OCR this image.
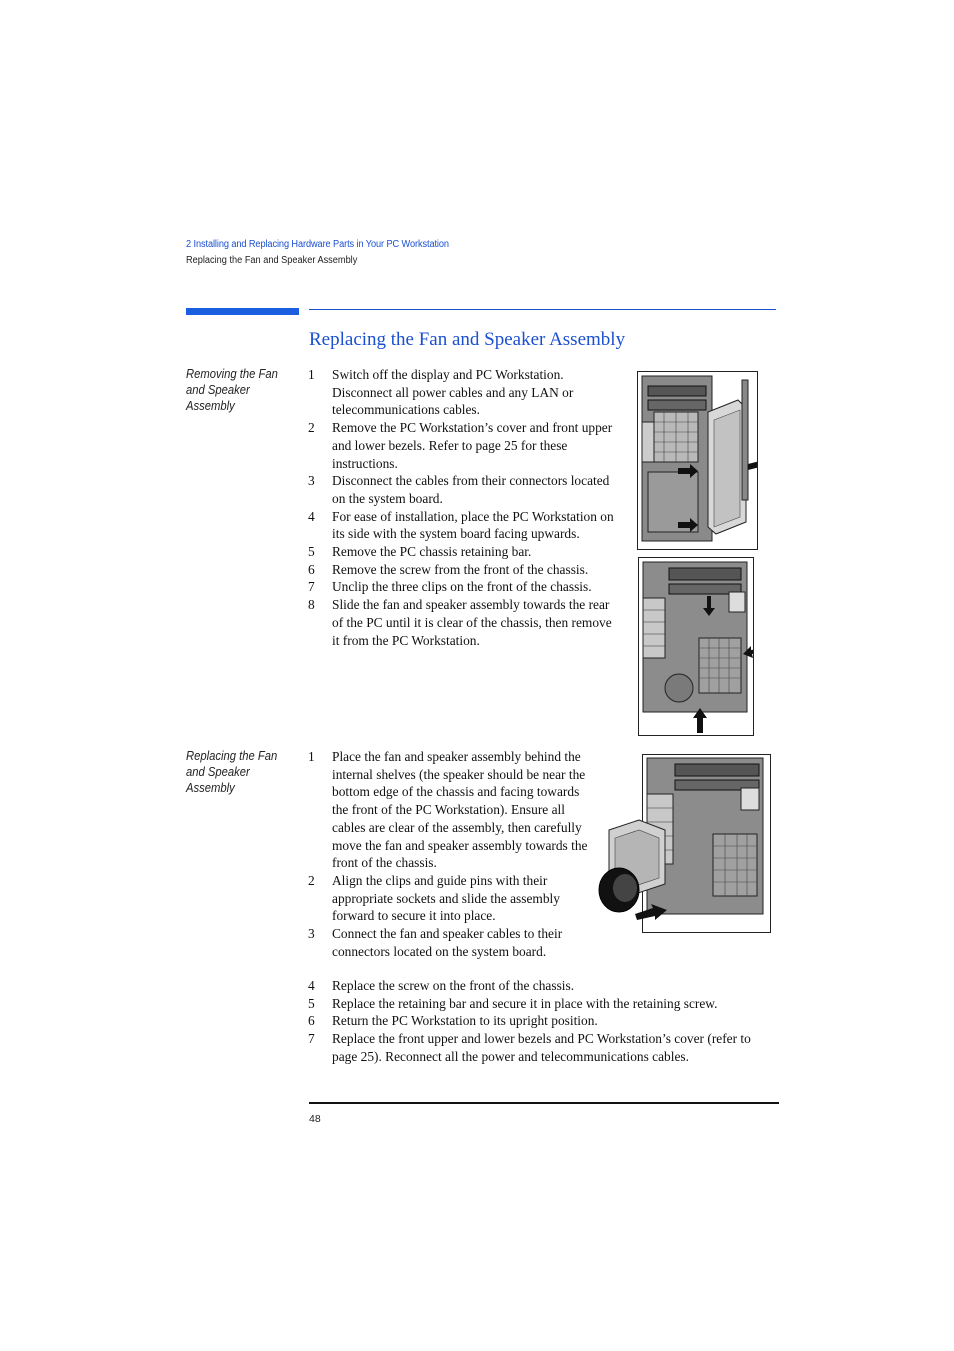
2 Installing and Replacing Hardware Parts in Your PC Workstation
Replacing the Fan and Speaker Assembly
Replacing the Fan and Speaker Assembly
Removing the Fan and Speaker Assembly
1 Switch off the display and PC Workstation. Disconnect all power cables and any LAN or telecommunications cables.
2 Remove the PC Workstation’s cover and front upper and lower bezels. Refer to page 25 for these instructions.
3 Disconnect the cables from their connectors located on the system board.
4 For ease of installation, place the PC Workstation on its side with the system board facing upwards.
5 Remove the PC chassis retaining bar.
6 Remove the screw from the front of the chassis.
7 Unclip the three clips on the front of the chassis.
8 Slide the fan and speaker assembly towards the rear of the PC until it is clear of the chassis, then remove it from the PC Workstation.
Replacing the Fan and Speaker Assembly
1 Place the fan and speaker assembly behind the internal shelves (the speaker should be near the bottom edge of the chassis and facing towards the front of the PC Workstation). Ensure all cables are clear of the assembly, then carefully move the fan and speaker assembly towards the front of the chassis.
2 Align the clips and guide pins with their appropriate sockets and slide the assembly forward to secure it into place.
3 Connect the fan and speaker cables to their connectors located on the system board.
4 Replace the screw on the front of the chassis.
5 Replace the retaining bar and secure it in place with the retaining screw.
6 Return the PC Workstation to its upright position.
7 Replace the front upper and lower bezels and PC Workstation’s cover (refer to page 25). Reconnect all the power and telecommunications cables.
48
